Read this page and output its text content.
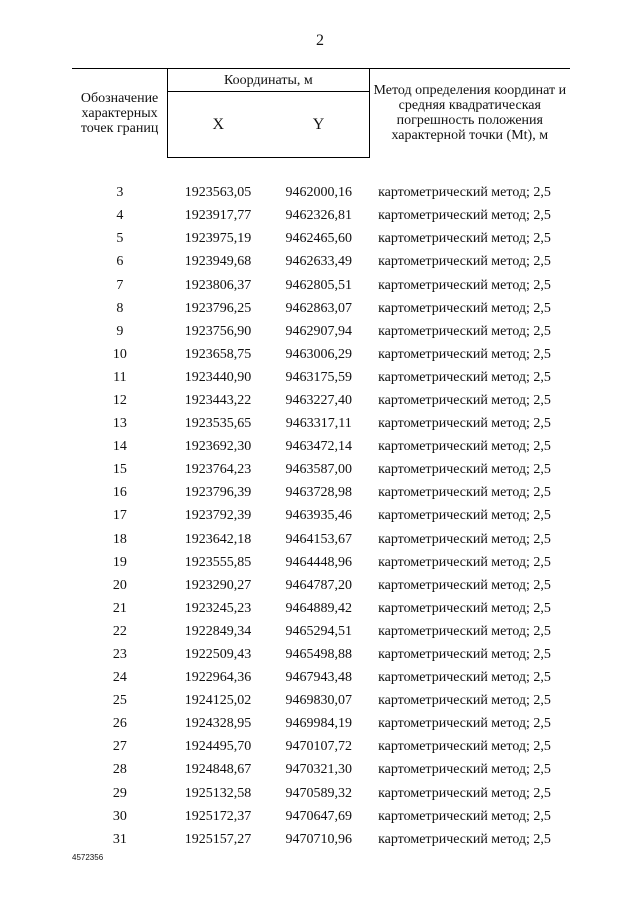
2
Обозначение характерных точек границ	Координаты, м		Метод определения координат и средняя квадратическая погрешность положения характерной точки (Mt), м
	X	Y	

3	1923563,05	9462000,16	картометрический метод; 2,5
4	1923917,77	9462326,81	картометрический метод; 2,5
5	1923975,19	9462465,60	картометрический метод; 2,5
6	1923949,68	9462633,49	картометрический метод; 2,5
7	1923806,37	9462805,51	картометрический метод; 2,5
8	1923796,25	9462863,07	картометрический метод; 2,5
9	1923756,90	9462907,94	картометрический метод; 2,5
10	1923658,75	9463006,29	картометрический метод; 2,5
11	1923440,90	9463175,59	картометрический метод; 2,5
12	1923443,22	9463227,40	картометрический метод; 2,5
13	1923535,65	9463317,11	картометрический метод; 2,5
14	1923692,30	9463472,14	картометрический метод; 2,5
15	1923764,23	9463587,00	картометрический метод; 2,5
16	1923796,39	9463728,98	картометрический метод; 2,5
17	1923792,39	9463935,46	картометрический метод; 2,5
18	1923642,18	9464153,67	картометрический метод; 2,5
19	1923555,85	9464448,96	картометрический метод; 2,5
20	1923290,27	9464787,20	картометрический метод; 2,5
21	1923245,23	9464889,42	картометрический метод; 2,5
22	1922849,34	9465294,51	картометрический метод; 2,5
23	1922509,43	9465498,88	картометрический метод; 2,5
24	1922964,36	9467943,48	картометрический метод; 2,5
25	1924125,02	9469830,07	картометрический метод; 2,5
26	1924328,95	9469984,19	картометрический метод; 2,5
27	1924495,70	9470107,72	картометрический метод; 2,5
28	1924848,67	9470321,30	картометрический метод; 2,5
29	1925132,58	9470589,32	картометрический метод; 2,5
30	1925172,37	9470647,69	картометрический метод; 2,5
31	1925157,27	9470710,96	картометрический метод; 2,5
4572356
